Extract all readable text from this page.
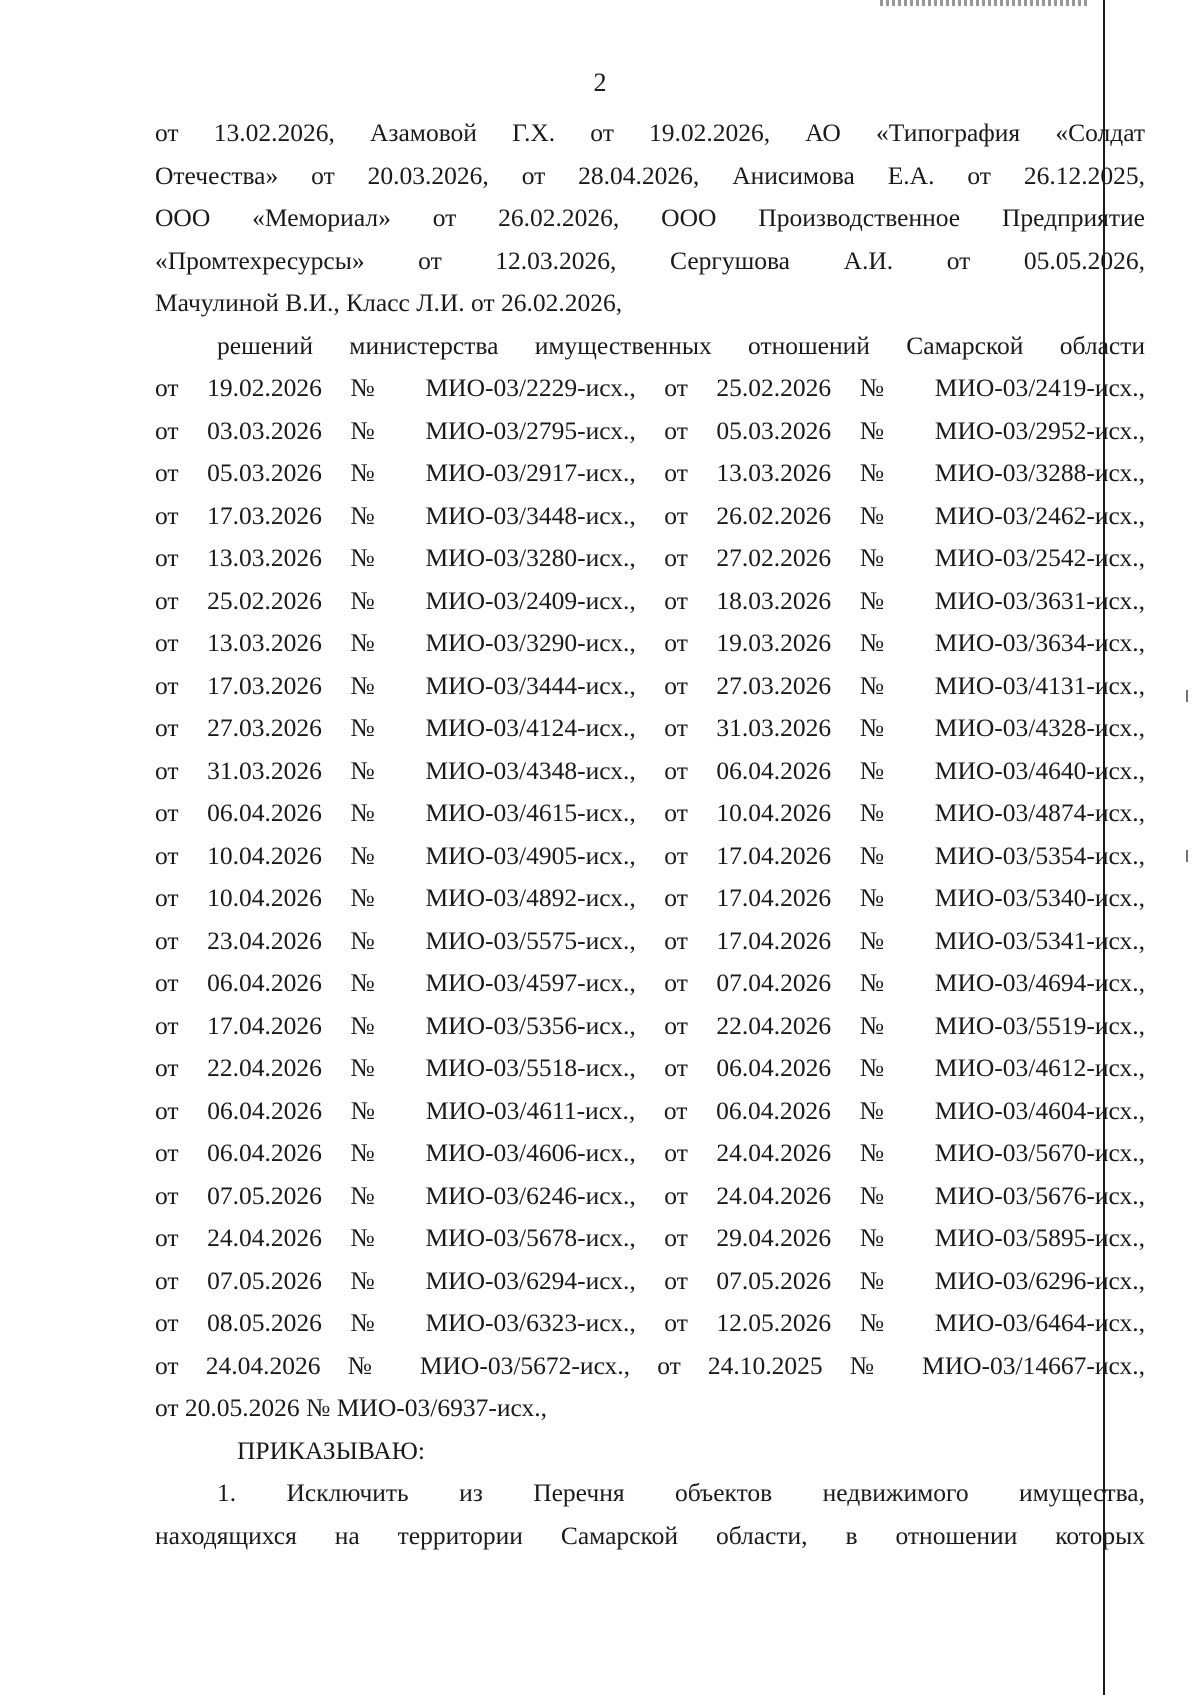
2
от 13.02.2026, Азамовой Г.Х. от 19.02.2026, АО «Типография «Солдат
Отечества» от 20.03.2026, от 28.04.2026, Анисимова Е.А. от 26.12.2025,
ООО «Мемориал» от 26.02.2026, ООО Производственное Предприятие
«Промтехресурсы» от 12.03.2026, Сергушова А.И. от 05.05.2026,
Мачулиной В.И., Класс Л.И. от 26.02.2026,
решений министерства имущественных отношений Самарской области
от 19.02.2026 № МИО-03/2229-исх., от 25.02.2026 № МИО-03/2419-исх.,
от 03.03.2026 № МИО-03/2795-исх., от 05.03.2026 № МИО-03/2952-исх.,
от 05.03.2026 № МИО-03/2917-исх., от 13.03.2026 № МИО-03/3288-исх.,
от 17.03.2026 № МИО-03/3448-исх., от 26.02.2026 № МИО-03/2462-исх.,
от 13.03.2026 № МИО-03/3280-исх., от 27.02.2026 № МИО-03/2542-исх.,
от 25.02.2026 № МИО-03/2409-исх., от 18.03.2026 № МИО-03/3631-исх.,
от 13.03.2026 № МИО-03/3290-исх., от 19.03.2026 № МИО-03/3634-исх.,
от 17.03.2026 № МИО-03/3444-исх., от 27.03.2026 № МИО-03/4131-исх.,
от 27.03.2026 № МИО-03/4124-исх., от 31.03.2026 № МИО-03/4328-исх.,
от 31.03.2026 № МИО-03/4348-исх., от 06.04.2026 № МИО-03/4640-исх.,
от 06.04.2026 № МИО-03/4615-исх., от 10.04.2026 № МИО-03/4874-исх.,
от 10.04.2026 № МИО-03/4905-исх., от 17.04.2026 № МИО-03/5354-исх.,
от 10.04.2026 № МИО-03/4892-исх., от 17.04.2026 № МИО-03/5340-исх.,
от 23.04.2026 № МИО-03/5575-исх., от 17.04.2026 № МИО-03/5341-исх.,
от 06.04.2026 № МИО-03/4597-исх., от 07.04.2026 № МИО-03/4694-исх.,
от 17.04.2026 № МИО-03/5356-исх., от 22.04.2026 № МИО-03/5519-исх.,
от 22.04.2026 № МИО-03/5518-исх., от 06.04.2026 № МИО-03/4612-исх.,
от 06.04.2026 № МИО-03/4611-исх., от 06.04.2026 № МИО-03/4604-исх.,
от 06.04.2026 № МИО-03/4606-исх., от 24.04.2026 № МИО-03/5670-исх.,
от 07.05.2026 № МИО-03/6246-исх., от 24.04.2026 № МИО-03/5676-исх.,
от 24.04.2026 № МИО-03/5678-исх., от 29.04.2026 № МИО-03/5895-исх.,
от 07.05.2026 № МИО-03/6294-исх., от 07.05.2026 № МИО-03/6296-исх.,
от 08.05.2026 № МИО-03/6323-исх., от 12.05.2026 № МИО-03/6464-исх.,
от 24.04.2026 № МИО-03/5672-исх., от 24.10.2025 № МИО-03/14667-исх.,
от 20.05.2026 № МИО-03/6937-исх.,
ПРИКАЗЫВАЮ:
1. Исключить из Перечня объектов недвижимого имущества,
находящихся на территории Самарской области, в отношении которых
